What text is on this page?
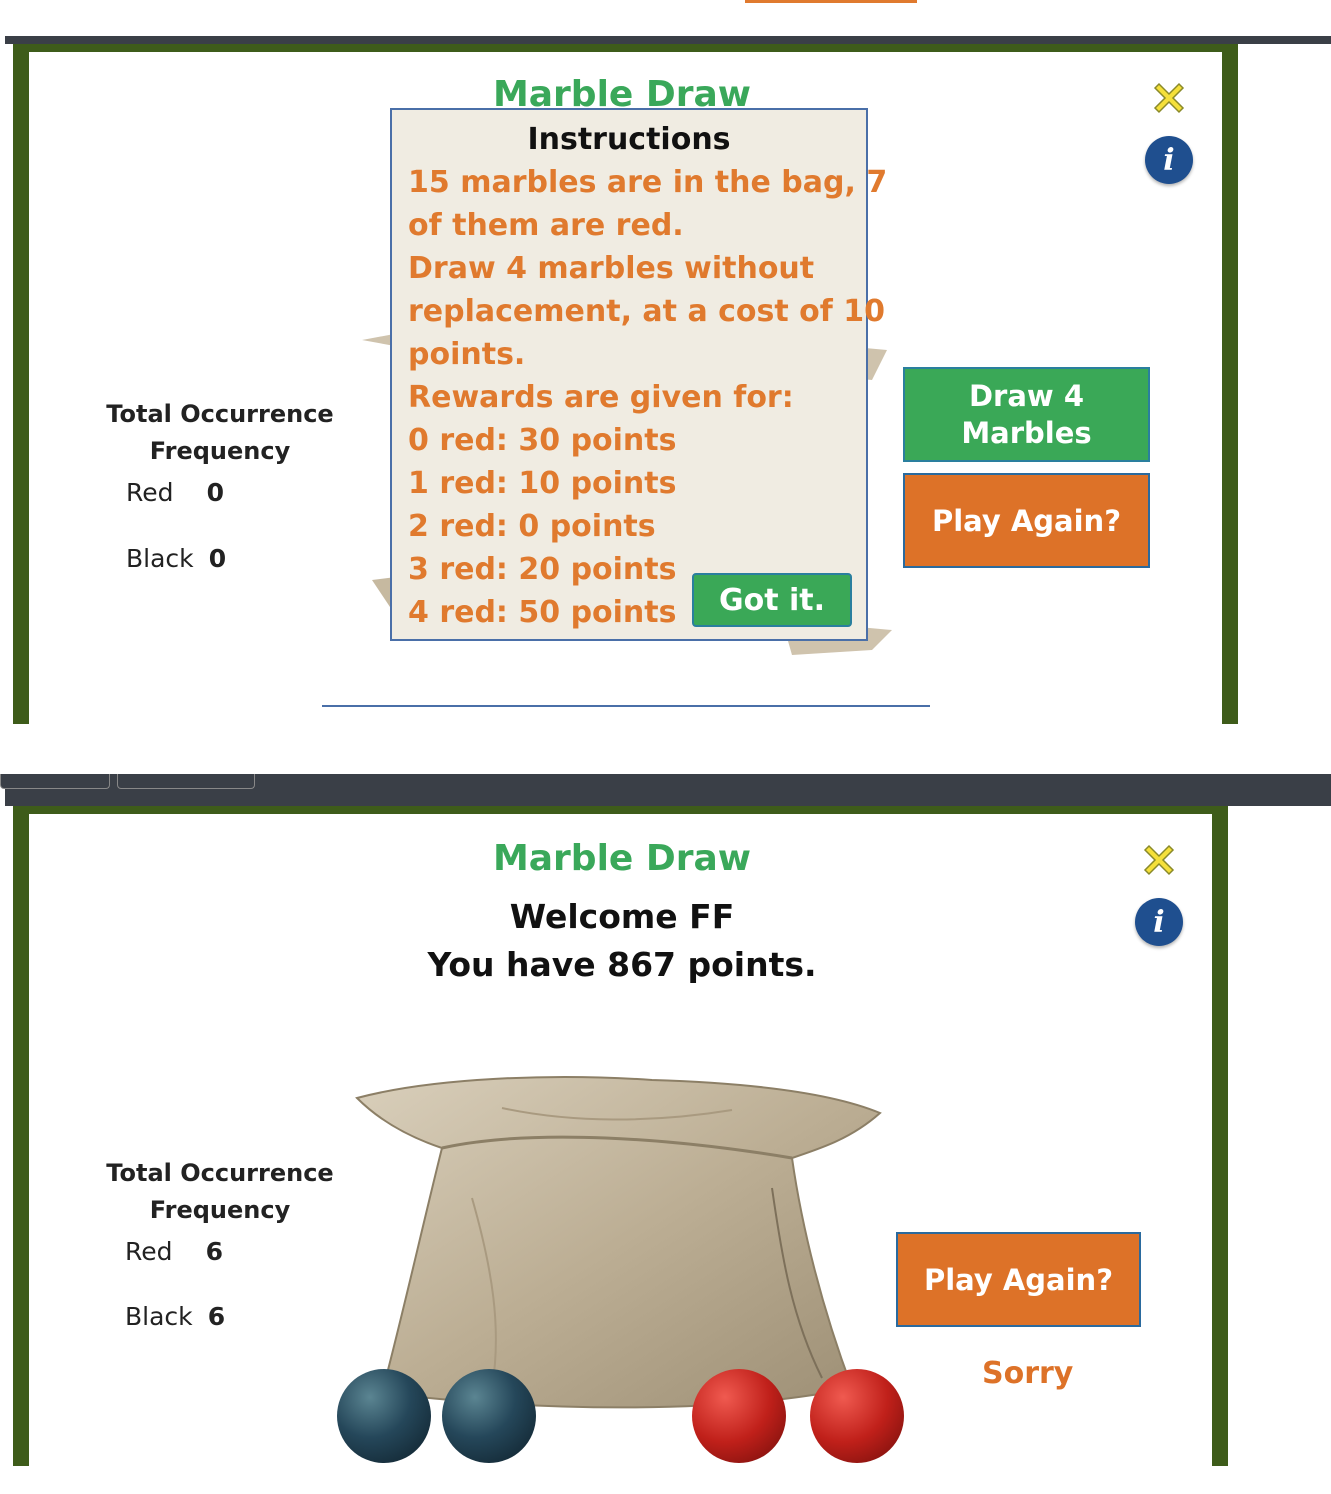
Marble Draw
Total Occurrence
Frequency
Red 0
Black 0
i
Draw 4 Marbles
Play Again?
Instructions
15 marbles are in the bag, 7
of them are red.
Draw 4 marbles without
replacement, at a cost of 10
points.
Rewards are given for:
0 red: 30 points
1 red: 10 points
2 red: 0 points
3 red: 20 points
4 red: 50 points	Got it.
Marble Draw
Welcome FF
You have 867 points.
i
Total Occurrence
Frequency
Red 6
Black 6
Play Again?
Sorry
